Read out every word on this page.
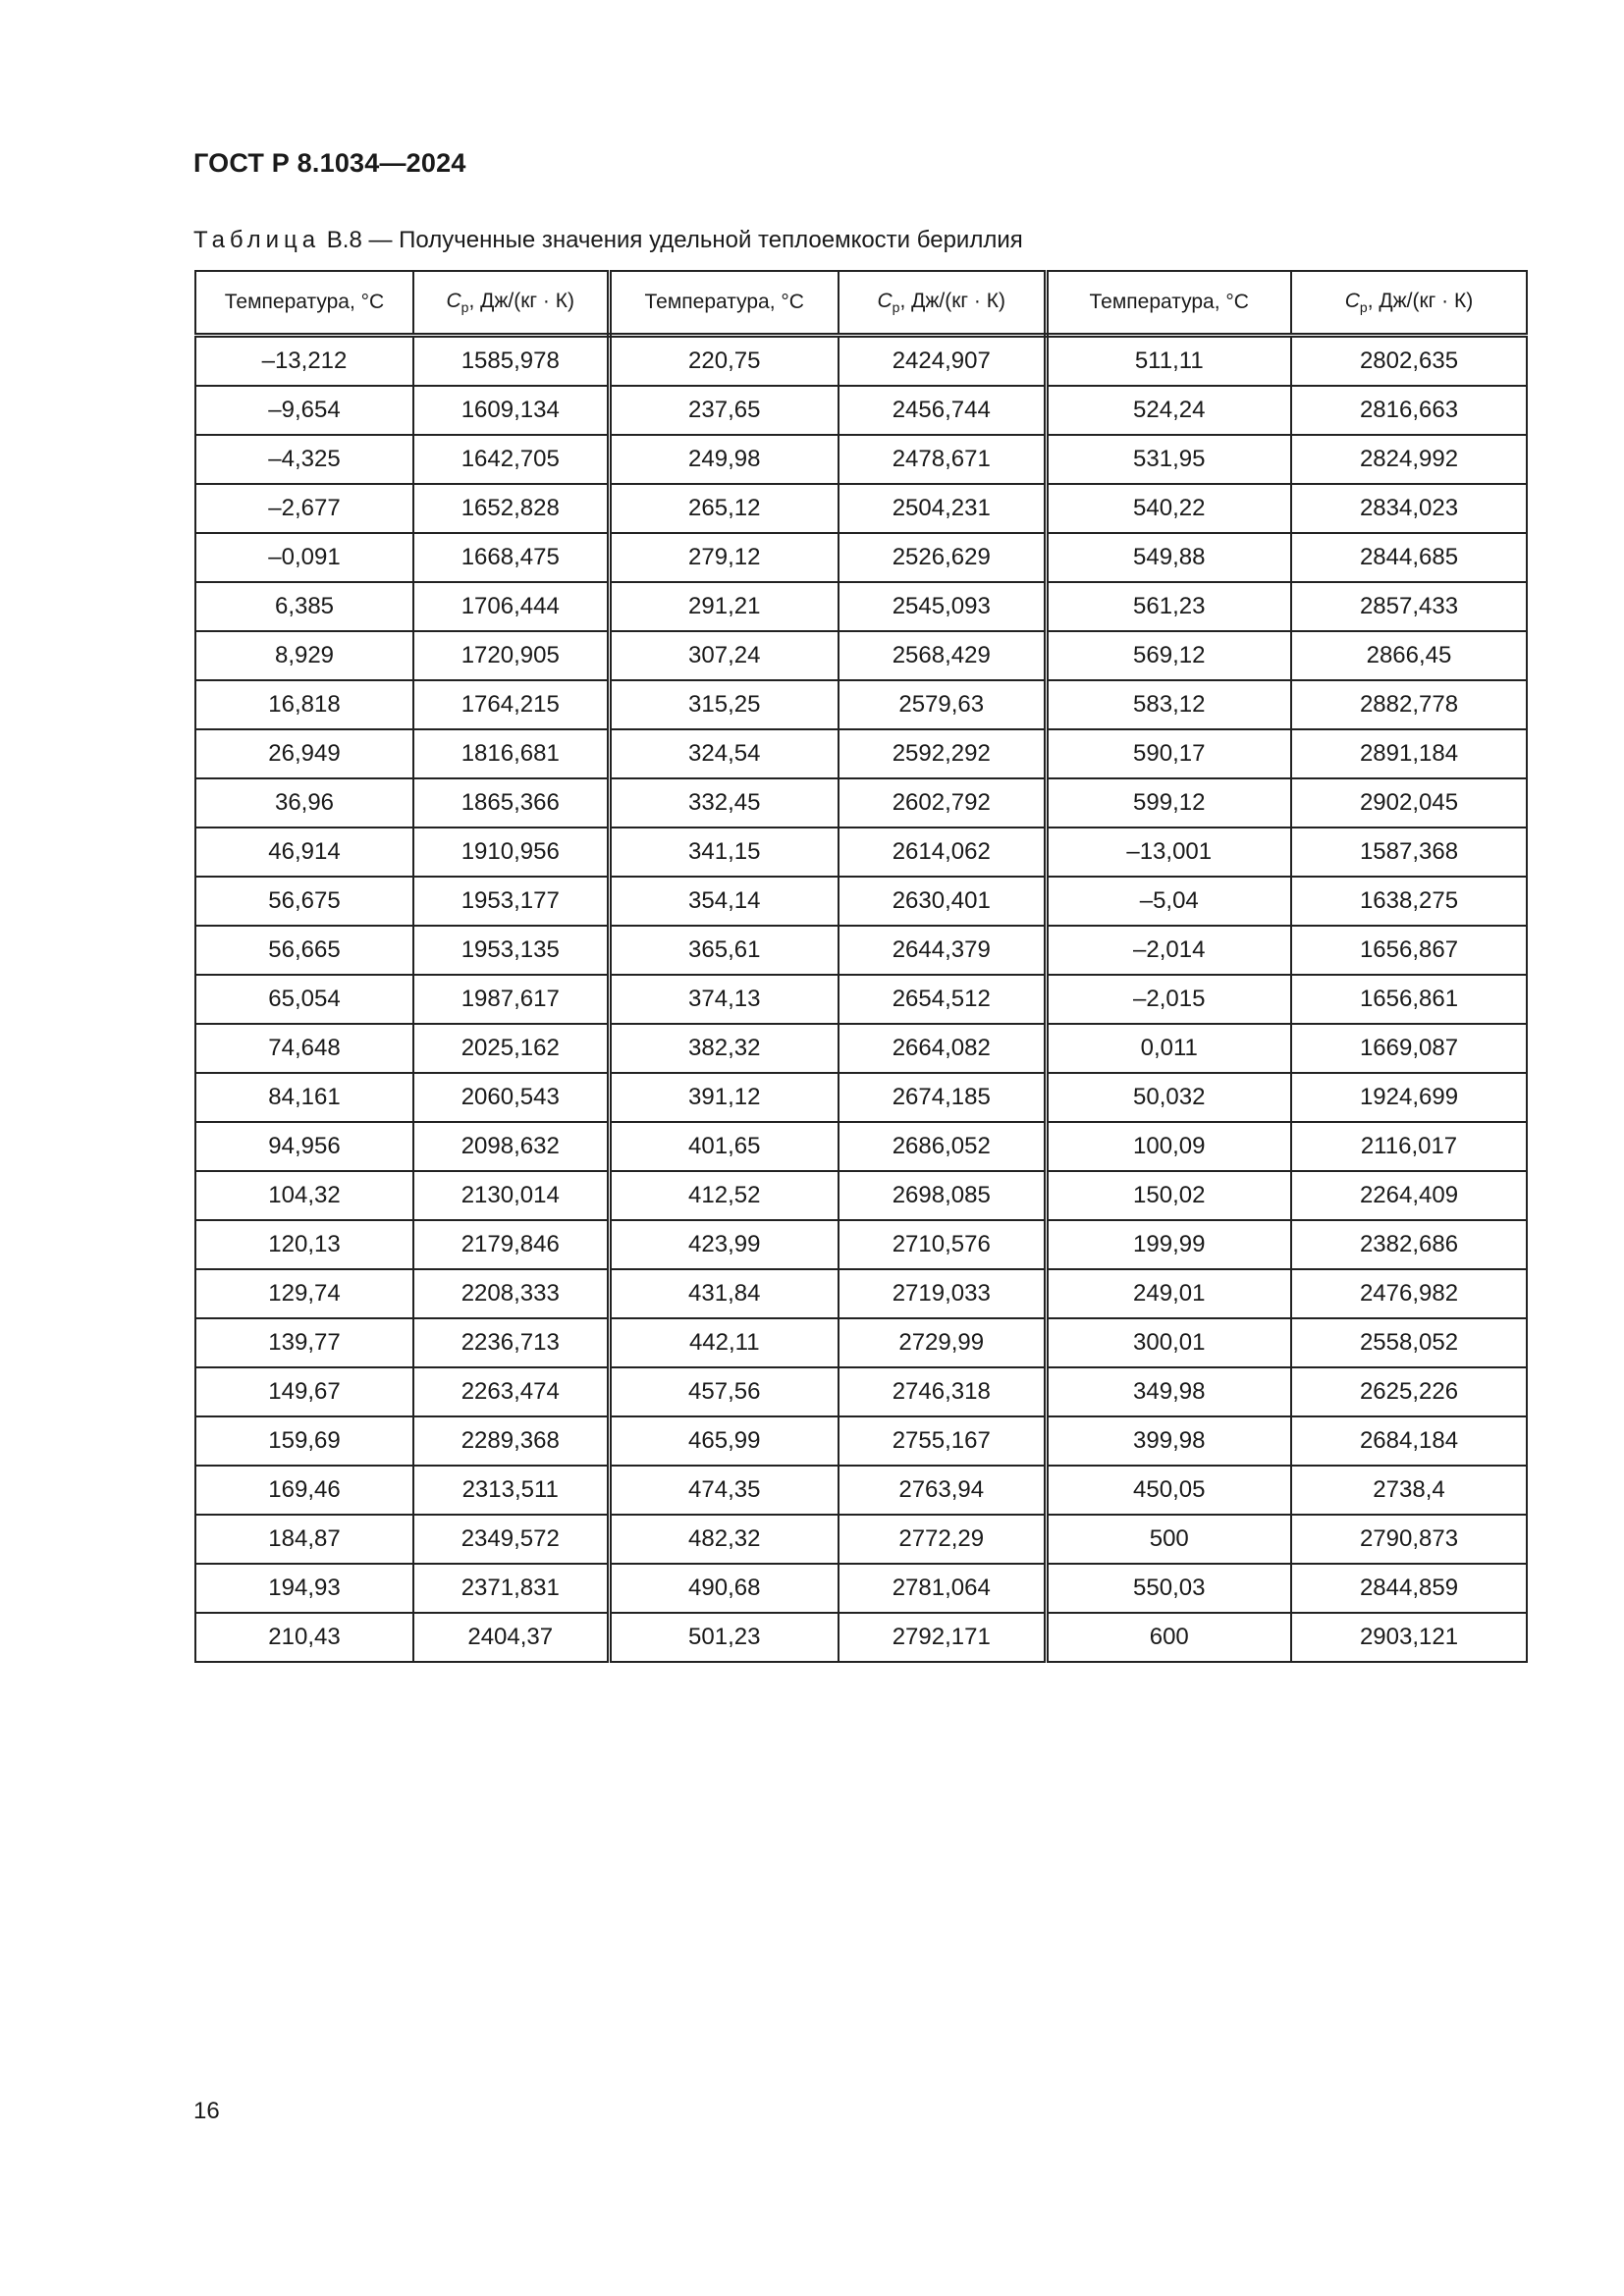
ГОСТ Р 8.1034—2024
Таблица В.8 — Полученные значения удельной теплоемкости бериллия
Температура, °С	$С_p$, Дж/(кг · К)	Температура, °С	$С_p$, Дж/(кг · К)	Температура, °С	$С_p$, Дж/(кг · К)
–13,212	1585,978	220,75	2424,907	511,11	2802,635
–9,654	1609,134	237,65	2456,744	524,24	2816,663
–4,325	1642,705	249,98	2478,671	531,95	2824,992
–2,677	1652,828	265,12	2504,231	540,22	2834,023
–0,091	1668,475	279,12	2526,629	549,88	2844,685
6,385	1706,444	291,21	2545,093	561,23	2857,433
8,929	1720,905	307,24	2568,429	569,12	2866,45
16,818	1764,215	315,25	2579,63	583,12	2882,778
26,949	1816,681	324,54	2592,292	590,17	2891,184
36,96	1865,366	332,45	2602,792	599,12	2902,045
46,914	1910,956	341,15	2614,062	–13,001	1587,368
56,675	1953,177	354,14	2630,401	–5,04	1638,275
56,665	1953,135	365,61	2644,379	–2,014	1656,867
65,054	1987,617	374,13	2654,512	–2,015	1656,861
74,648	2025,162	382,32	2664,082	0,011	1669,087
84,161	2060,543	391,12	2674,185	50,032	1924,699
94,956	2098,632	401,65	2686,052	100,09	2116,017
104,32	2130,014	412,52	2698,085	150,02	2264,409
120,13	2179,846	423,99	2710,576	199,99	2382,686
129,74	2208,333	431,84	2719,033	249,01	2476,982
139,77	2236,713	442,11	2729,99	300,01	2558,052
149,67	2263,474	457,56	2746,318	349,98	2625,226
159,69	2289,368	465,99	2755,167	399,98	2684,184
169,46	2313,511	474,35	2763,94	450,05	2738,4
184,87	2349,572	482,32	2772,29	500	2790,873
194,93	2371,831	490,68	2781,064	550,03	2844,859
210,43	2404,37	501,23	2792,171	600	2903,121
16
